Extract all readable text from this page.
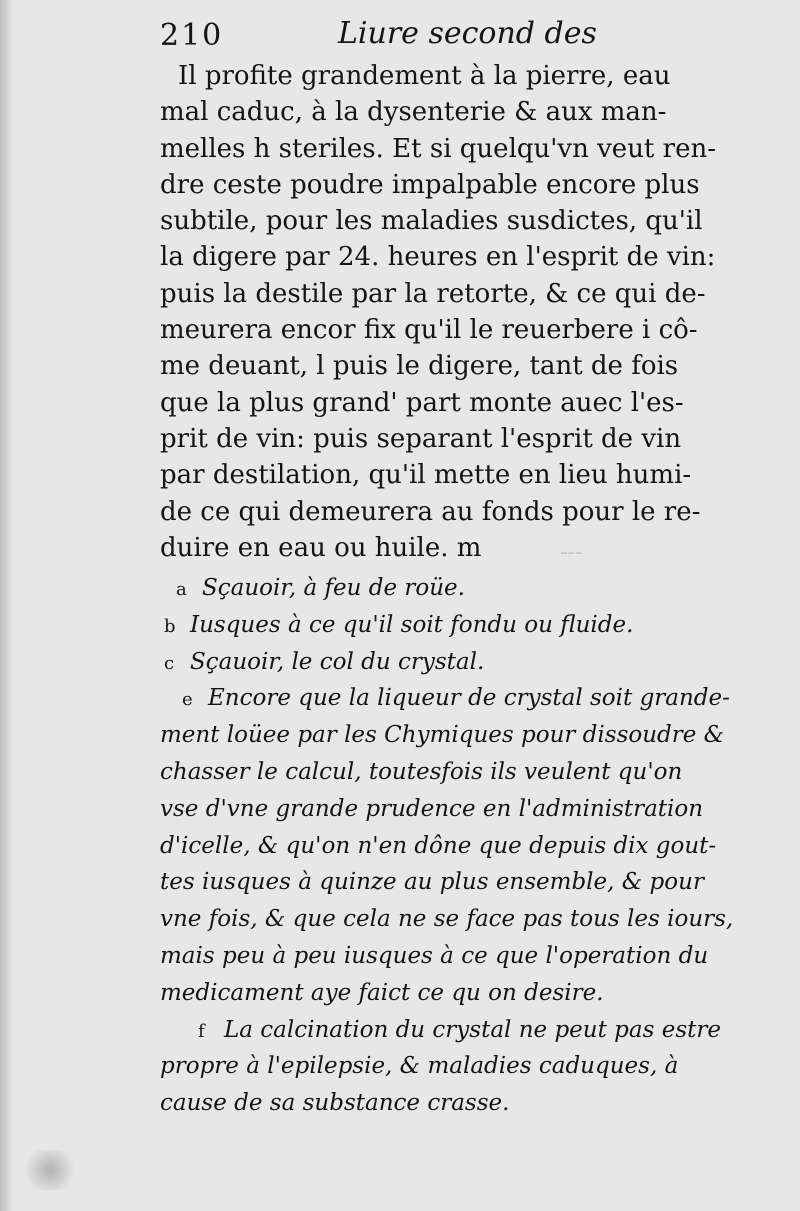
---
210	Liure second des
Il profite grandement à la pierre, eau
mal caduc, à la dysenterie & aux man-
melles h steriles. Et si quelqu'vn veut ren-
dre ceste poudre impalpable encore plus
subtile, pour les maladies susdictes, qu'il
la digere par 24. heures en l'esprit de vin:
puis la destile par la retorte, & ce qui de-
meurera encor fix qu'il le reuerbere i cô-
me deuant, l puis le digere, tant de fois
que la plus grand' part monte auec l'es-
prit de vin: puis separant l'esprit de vin
par destilation, qu'il mette en lieu humi-
de ce qui demeurera au fonds pour le re-
duire en eau ou huile. m
a Sçauoir, à feu de roüe.
b Iusques à ce qu'il soit fondu ou fluide.
c Sçauoir, le col du crystal.
e Encore que la liqueur de crystal soit grande-
ment loüee par les Chymiques pour dissoudre &
chasser le calcul, toutesfois ils veulent qu'on
vse d'vne grande prudence en l'administration
d'icelle, & qu'on n'en dône que depuis dix gout-
tes iusques à quinze au plus ensemble, & pour
vne fois, & que cela ne se face pas tous les iours,
mais peu à peu iusques à ce que l'operation du
medicament aye faict ce qu on desire.
f La calcination du crystal ne peut pas estre
propre à l'epilepsie, & maladies caduques, à
cause de sa substance crasse.
